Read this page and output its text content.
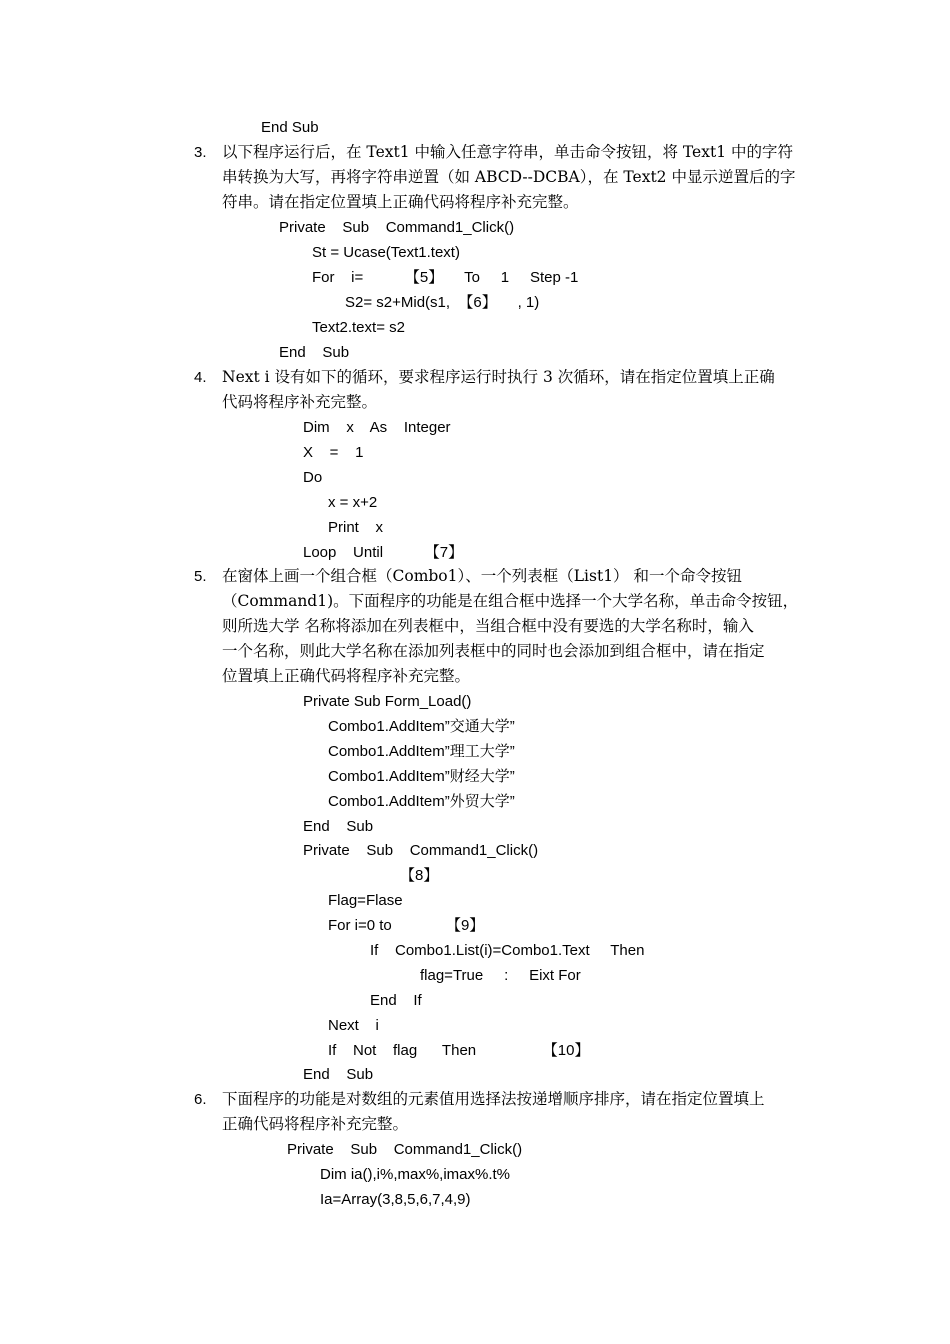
End Sub
3. 以下程序运行后，在 Text1 中输入任意字符串，单击命令按钮，将 Text1 中的字符
串转换为大写，再将字符串逆置（如 ABCD--DCBA），在 Text2 中显示逆置后的字
符串。请在指定位置填上正确代码将程序补充完整。
Private    Sub    Command1_Click()
St = Ucase(Text1.text)
For    i=          【5】     To     1     Step -1
S2= s2+Mid(s1,  【6】     , 1)
Text2.text= s2
End    Sub
4. Next i 设有如下的循环，要求程序运行时执行 3 次循环，请在指定位置填上正确
代码将程序补充完整。
Dim    x    As    Integer
X    =    1
Do
x = x+2
Print    x
Loop    Until          【7】
5. 在窗体上画一个组合框（Combo1）、一个列表框（List1） 和一个命令按钮
（Command1)。下面程序的功能是在组合框中选择一个大学名称，单击命令按钮，
则所选大学 名称将添加在列表框中，当组合框中没有要选的大学名称时，输入
一个名称，则此大学名称在添加列表框中的同时也会添加到组合框中，请在指定
位置填上正确代码将程序补充完整。
Private Sub Form_Load()
Combo1.AddItem”交通大学”
Combo1.AddItem”理工大学”
Combo1.AddItem”财经大学”
Combo1.AddItem”外贸大学”
End    Sub
Private    Sub    Command1_Click()
【8】
Flag=Flase
For i=0 to             【9】
If    Combo1.List(i)=Combo1.Text     Then
flag=True     :     Eixt For
End    If
Next    i
If    Not    flag      Then                【10】
End    Sub
6. 下面程序的功能是对数组的元素值用选择法按递增顺序排序，请在指定位置填上
正确代码将程序补充完整。
Private    Sub    Command1_Click()
Dim ia(),i%,max%,imax%.t%
Ia=Array(3,8,5,6,7,4,9)
